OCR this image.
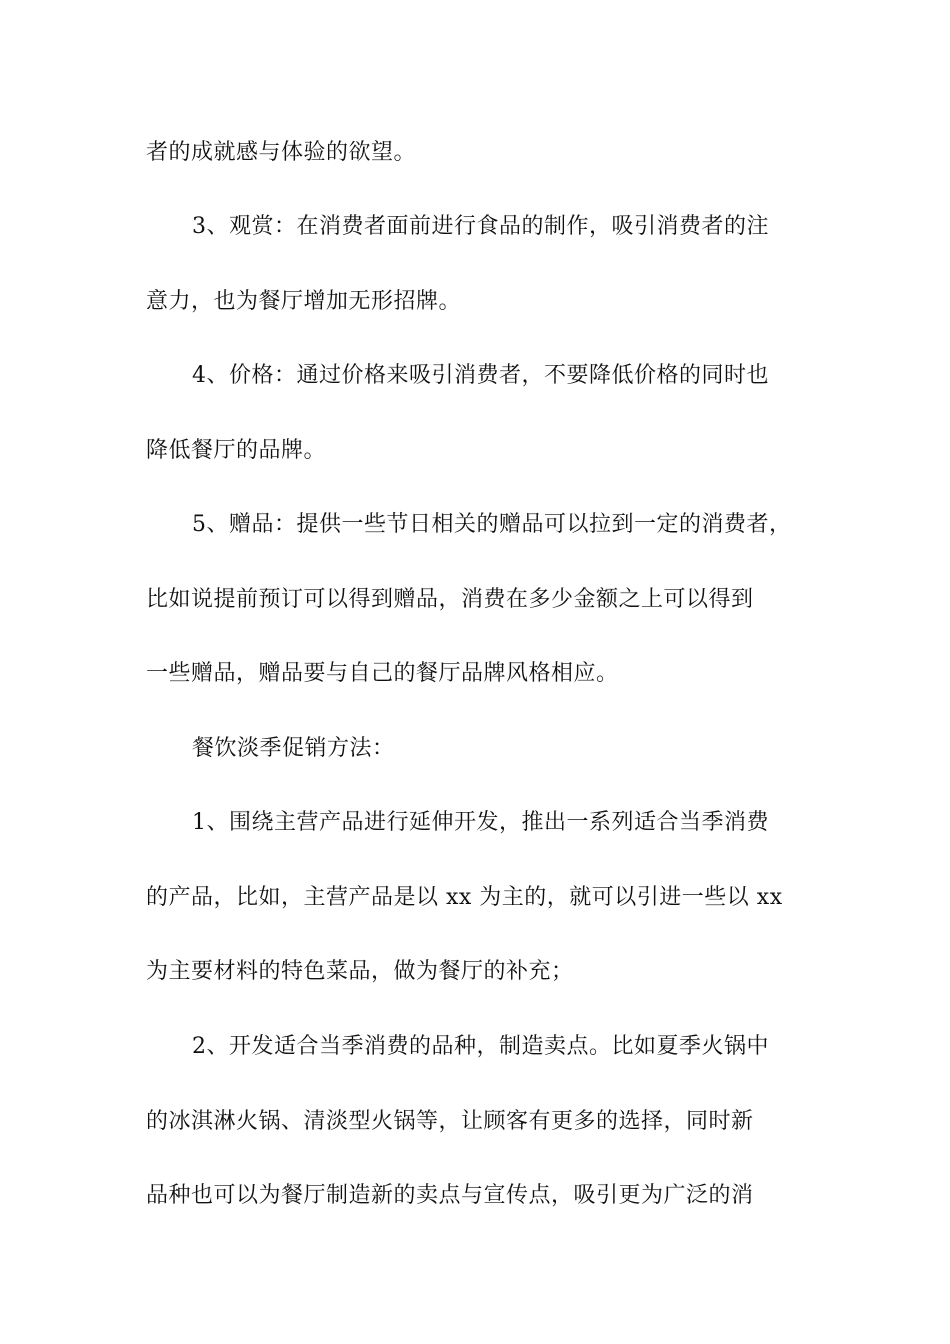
者的成就感与体验的欲望。
3、观赏：在消费者面前进行食品的制作，吸引消费者的注
意力，也为餐厅增加无形招牌。
4、价格：通过价格来吸引消费者，不要降低价格的同时也
降低餐厅的品牌。
5、赠品：提供一些节日相关的赠品可以拉到一定的消费者，
比如说提前预订可以得到赠品，消费在多少金额之上可以得到
一些赠品，赠品要与自己的餐厅品牌风格相应。
餐饮淡季促销方法：
1、围绕主营产品进行延伸开发，推出一系列适合当季消费
的产品，比如，主营产品是以 xx 为主的，就可以引进一些以 xx
为主要材料的特色菜品，做为餐厅的补充；
2、开发适合当季消费的品种，制造卖点。比如夏季火锅中
的冰淇淋火锅、清淡型火锅等，让顾客有更多的选择，同时新
品种也可以为餐厅制造新的卖点与宣传点，吸引更为广泛的消
